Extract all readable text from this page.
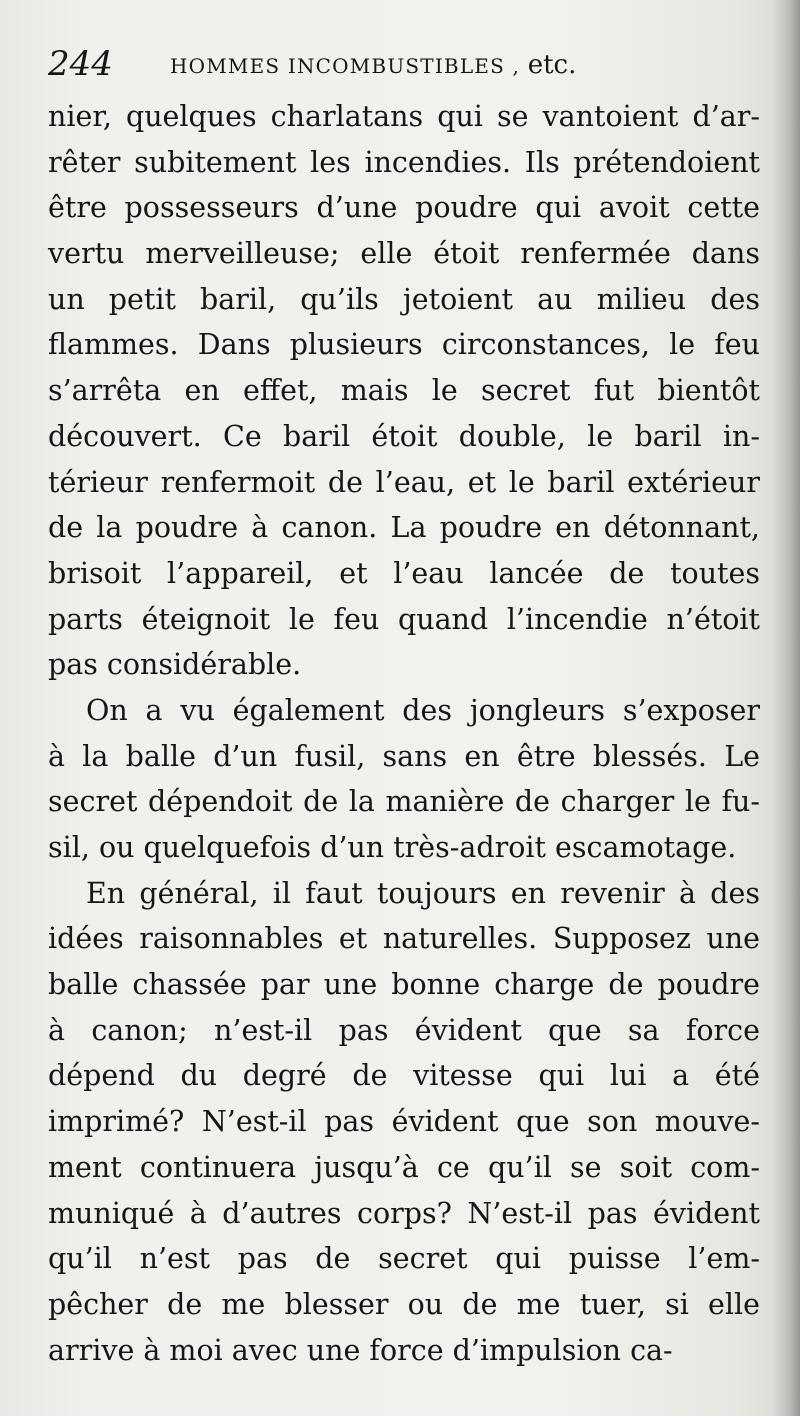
244	HOMMES INCOMBUSTIBLES , etc.
nier, quelques charlatans qui se vantoient d’ar-
rêter subitement les incendies. Ils prétendoient
être possesseurs d’une poudre qui avoit cette
vertu merveilleuse; elle étoit renfermée dans
un petit baril, qu’ils jetoient au milieu des
flammes. Dans plusieurs circonstances, le feu
s’arrêta en effet, mais le secret fut bientôt
découvert. Ce baril étoit double, le baril in-
térieur renfermoit de l’eau, et le baril extérieur
de la poudre à canon. La poudre en détonnant,
brisoit l’appareil, et l’eau lancée de toutes
parts éteignoit le feu quand l’incendie n’étoit
pas considérable.
On a vu également des jongleurs s’exposer
à la balle d’un fusil, sans en être blessés. Le
secret dépendoit de la manière de charger le fu-
sil, ou quelquefois d’un très-adroit escamotage.
En général, il faut toujours en revenir à des
idées raisonnables et naturelles. Supposez une
balle chassée par une bonne charge de poudre
à canon; n’est-il pas évident que sa force
dépend du degré de vitesse qui lui a été
imprimé? N’est-il pas évident que son mouve-
ment continuera jusqu’à ce qu’il se soit com-
muniqué à d’autres corps? N’est-il pas évident
qu’il n’est pas de secret qui puisse l’em-
pêcher de me blesser ou de me tuer, si elle
arrive à moi avec une force d’impulsion ca-
